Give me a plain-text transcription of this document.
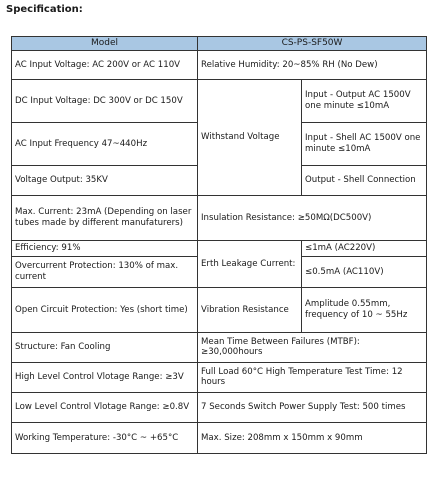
Specification:
Model	CS-PS-SF50W	
AC Input Voltage: AC 200V or AC 110V	Relative Humidity: 20~85% RH (No Dew)	
DC Input Voltage: DC 300V or DC 150V	Withstand Voltage	Input - Output AC 1500V one minute ≤10mA
AC Input Frequency 47~440Hz		Input - Shell AC 1500V one minute ≤10mA
Voltage Output: 35KV		Output - Shell Connection
Max. Current: 23mA (Depending on laser tubes made by different manufaturers)	Insulation Resistance: ≥50MΩ(DC500V)	
Efficiency: 91%	Erth Leakage Current:	≤1mA (AC220V)
Overcurrent Protection: 130% of max. current		≤0.5mA (AC110V)
Open Circuit Protection: Yes (short time)	Vibration Resistance	Amplitude 0.55mm, frequency of 10 ~ 55Hz
Structure: Fan Cooling	Mean Time Between Failures (MTBF): ≥30,000hours	
High Level Control Vlotage Range: ≥3V	Full Load 60°C High Temperature Test Time: 12 hours	
Low Level Control Vlotage Range: ≥0.8V	7 Seconds Switch Power Supply Test: 500 times	
Working Temperature: -30°C ~ +65°C	Max. Size: 208mm x 150mm x 90mm	
